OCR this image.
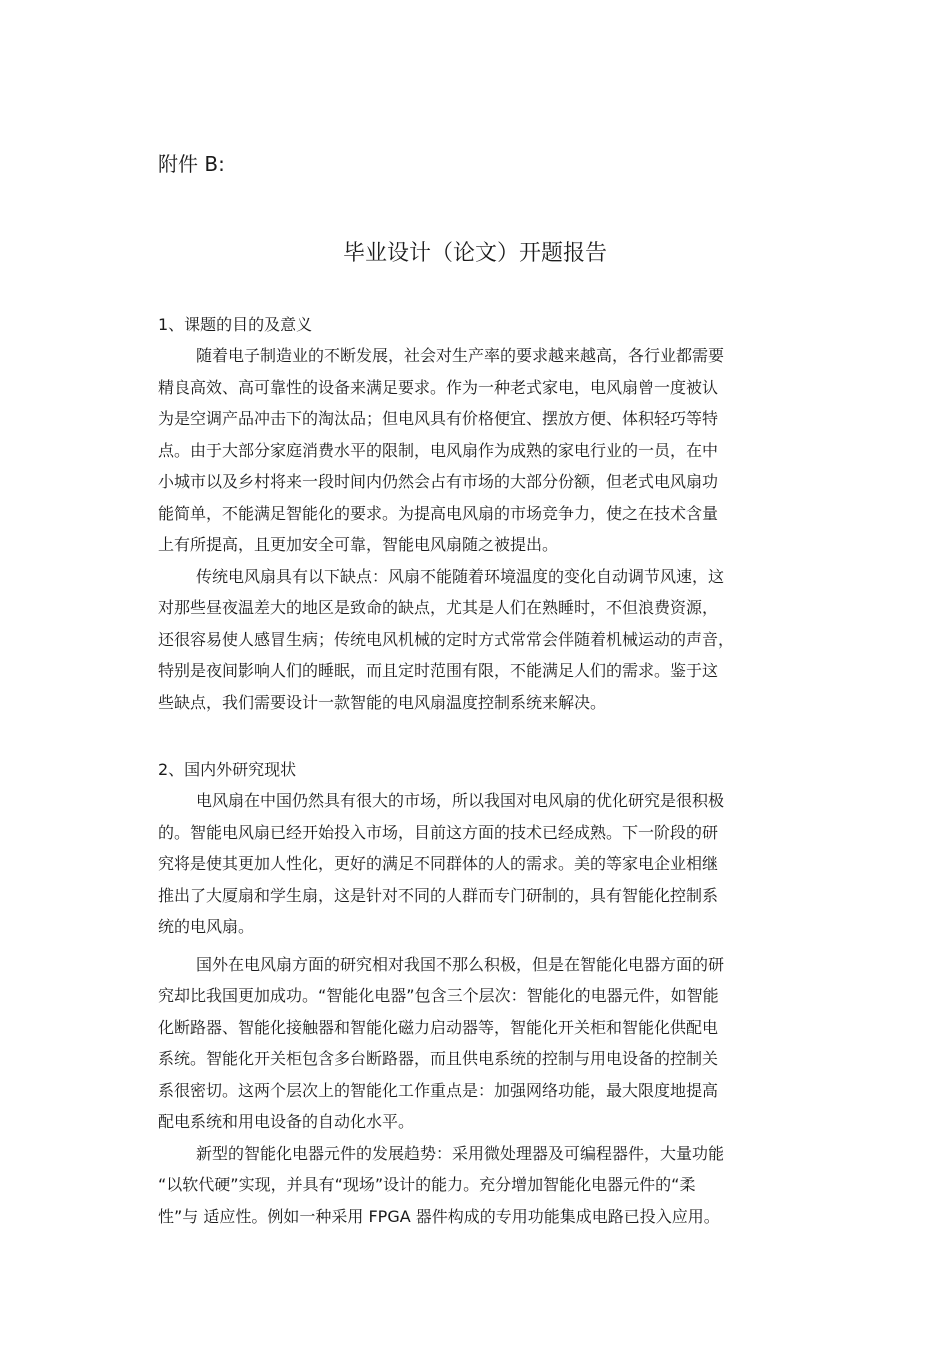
附件 B:
毕业设计（论文）开题报告

1、课题的目的及意义

随着电子制造业的不断发展，社会对生产率的要求越来越高，各行业都需要

精良高效、高可靠性的设备来满足要求。作为一种老式家电，电风扇曾一度被认

为是空调产品冲击下的淘汰品；但电风具有价格便宜、摆放方便、体积轻巧等特

点。由于大部分家庭消费水平的限制，电风扇作为成熟的家电行业的一员，在中

小城市以及乡村将来一段时间内仍然会占有市场的大部分份额，但老式电风扇功

能简单，不能满足智能化的要求。为提高电风扇的市场竞争力，使之在技术含量

上有所提高，且更加安全可靠，智能电风扇随之被提出。

传统电风扇具有以下缺点：风扇不能随着环境温度的变化自动调节风速，这

对那些昼夜温差大的地区是致命的缺点，尤其是人们在熟睡时，不但浪费资源，

还很容易使人感冒生病；传统电风机械的定时方式常常会伴随着机械运动的声音，

特别是夜间影响人们的睡眠，而且定时范围有限，不能满足人们的需求。鉴于这

些缺点，我们需要设计一款智能的电风扇温度控制系统来解决。

2、国内外研究现状

电风扇在中国仍然具有很大的市场，所以我国对电风扇的优化研究是很积极

的。智能电风扇已经开始投入市场，目前这方面的技术已经成熟。下一阶段的研

究将是使其更加人性化，更好的满足不同群体的人的需求。美的等家电企业相继

推出了大厦扇和学生扇，这是针对不同的人群而专门研制的，具有智能化控制系

统的电风扇。

国外在电风扇方面的研究相对我国不那么积极，但是在智能化电器方面的研

究却比我国更加成功。“智能化电器”包含三个层次：智能化的电器元件，如智能

化断路器、智能化接触器和智能化磁力启动器等，智能化开关柜和智能化供配电

系统。智能化开关柜包含多台断路器，而且供电系统的控制与用电设备的控制关

系很密切。这两个层次上的智能化工作重点是：加强网络功能，最大限度地提高

配电系统和用电设备的自动化水平。

新型的智能化电器元件的发展趋势：采用微处理器及可编程器件，大量功能

“以软代硬”实现，并具有“现场”设计的能力。充分增加智能化电器元件的“柔

性”与 适应性。例如一种采用 FPGA 器件构成的专用功能集成电路已投入应用。
